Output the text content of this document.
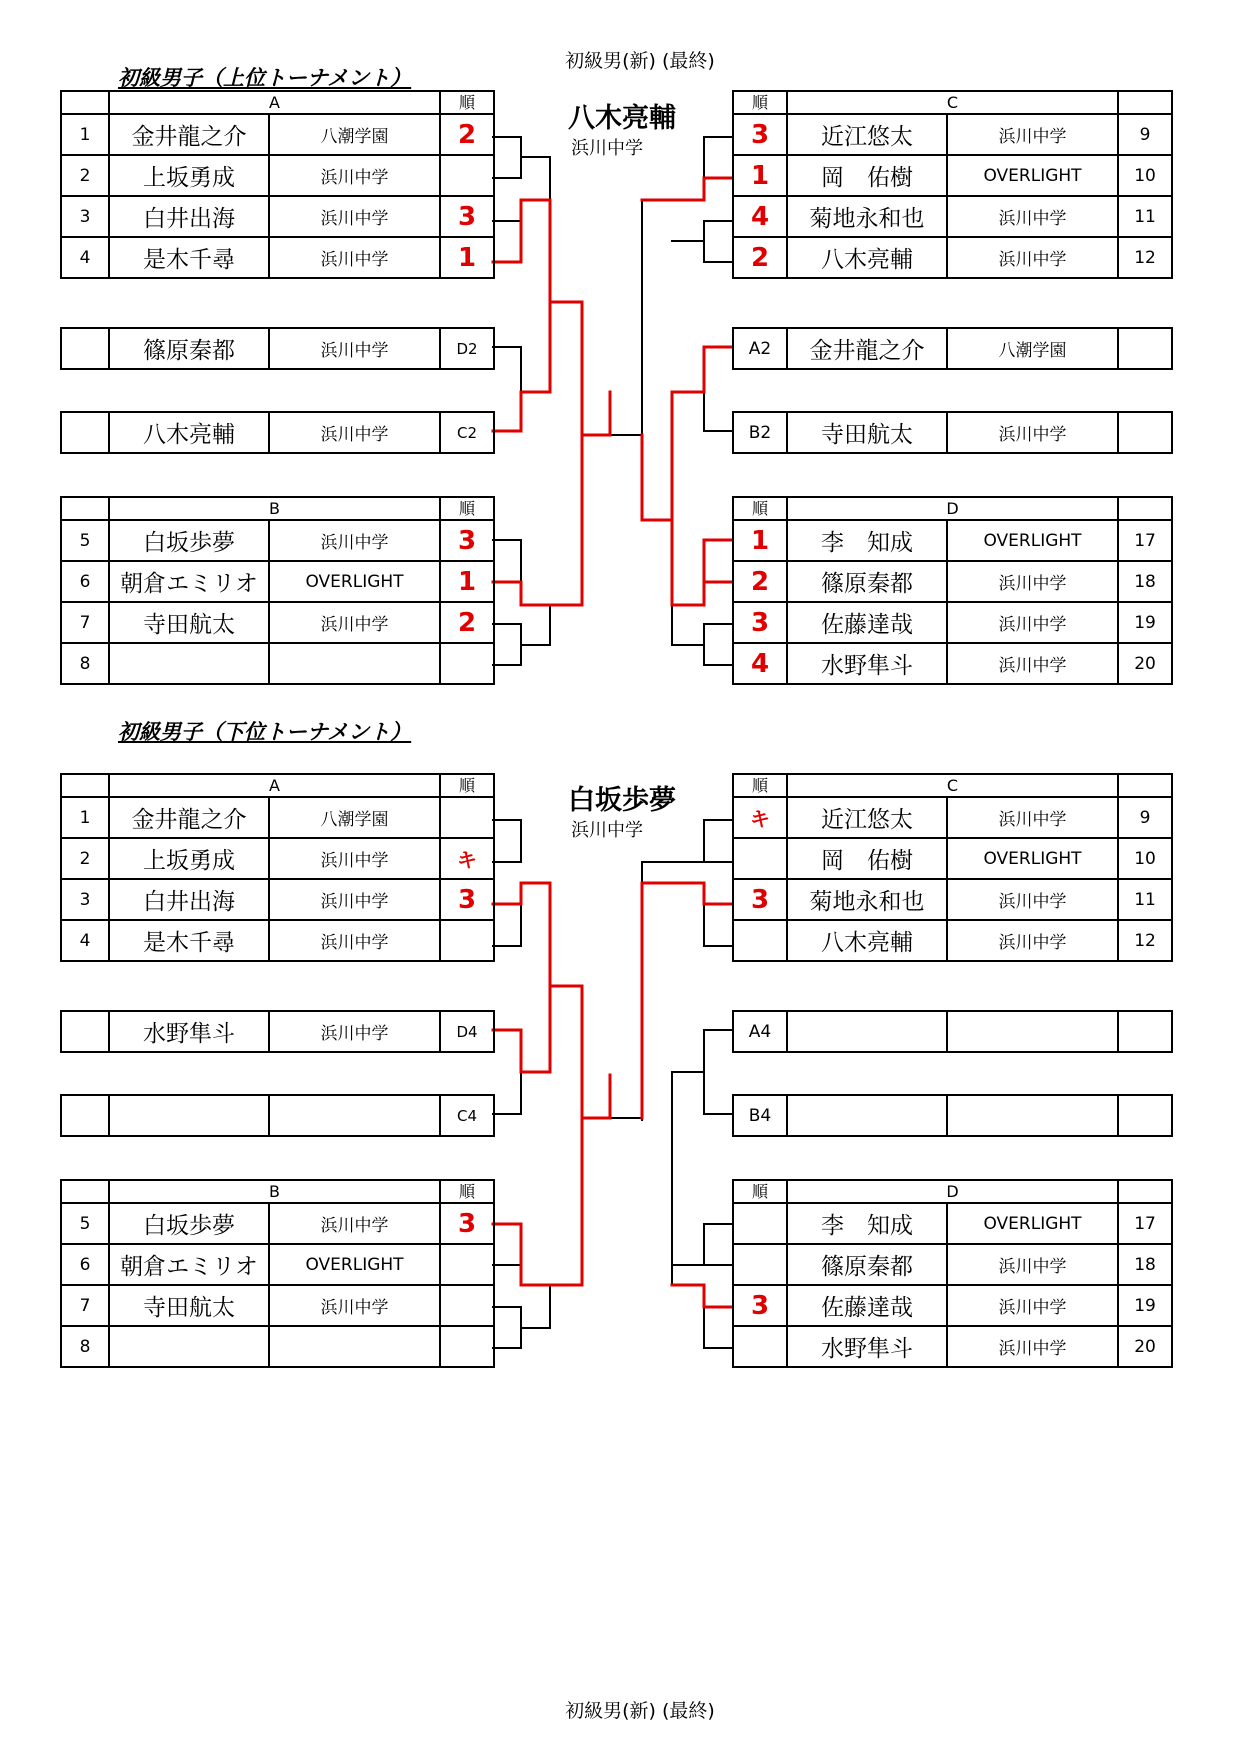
初級男(新) (最終)
初級男(新) (最終)
初級男子（上位トーナメント）
八木亮輔
浜川中学
	A		順
1	金井龍之介	八潮学園	2
2	上坂勇成	浜川中学	
3	白井出海	浜川中学	3
4	是木千尋	浜川中学	1
	篠原秦都	浜川中学	D2
	八木亮輔	浜川中学	C2
	B		順
5	白坂歩夢	浜川中学	3
6	朝倉エミリオ	OVERLIGHT	1
7	寺田航太	浜川中学	2
8			
順	C		
3	近江悠太	浜川中学	9
1	岡　佑樹	OVERLIGHT	10
4	菊地永和也	浜川中学	11
2	八木亮輔	浜川中学	12
A2	金井龍之介	八潮学園	
B2	寺田航太	浜川中学	
順	D		
1	李　知成	OVERLIGHT	17
2	篠原秦都	浜川中学	18
3	佐藤達哉	浜川中学	19
4	水野隼斗	浜川中学	20
初級男子（下位トーナメント）
白坂歩夢
浜川中学
	A		順
1	金井龍之介	八潮学園	
2	上坂勇成	浜川中学	キ
3	白井出海	浜川中学	3
4	是木千尋	浜川中学	
	水野隼斗	浜川中学	D4
			C4
	B		順
5	白坂歩夢	浜川中学	3
6	朝倉エミリオ	OVERLIGHT	
7	寺田航太	浜川中学	
8			
順	C		
キ	近江悠太	浜川中学	9
	岡　佑樹	OVERLIGHT	10
3	菊地永和也	浜川中学	11
	八木亮輔	浜川中学	12
A4			
B4			
順	D		
	李　知成	OVERLIGHT	17
	篠原秦都	浜川中学	18
3	佐藤達哉	浜川中学	19
	水野隼斗	浜川中学	20
